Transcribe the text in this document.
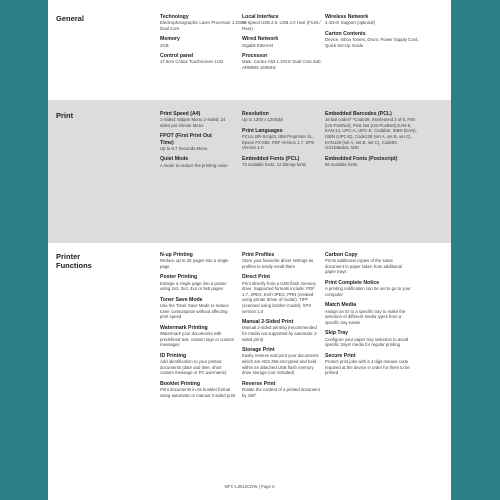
General	Technology
Electrophotographic Laser Processor 1.2GHz Dual Core
Memory
2GB
Control panel
17.6cm Colour Touchscreen LCD
Local Interface
Hi-Speed USB 2.0, USB 2.0 Host (Front / Rear)
Wired Network
Gigabit Ethernet
Processor
Main: Cortex-A53 1.2GHz Dual Core Sub: ARM946 150MHz
Wireless Network
2.4GHz Support (optional)
Carton Contents
Device, Inbox Toners, Drum, Power Supply Cord, Quick Set-Up Guide
Print	Print Speed (A4)
1-Sided: 50ppm Mono 2-Sided: 24 sides per minute Mono
FPOT (First Print Out Time)
Up to 6.7 Seconds Mono
Quiet Mode
A mode to reduce the printing noise
Resolution
Up to 1200 x 1200dpi
Print Languages
PCL6, BR-Script3, IBM Proprinter XL, Epson FX-850, PDF Version 1.7, XPS Version 1.0
Embedded Fonts (PCL)
73 scalable fonts, 12 bitmap fonts
Embedded Barcodes (PCL)
16 bar codes* *Code39, Interleaved 2 of 5, FIM (US-PostNet), Post Net (US-PostNet) EAN-8, EAN-13, UPC-A, UPC-E, Codabar, ISBN (EAN), ISBN (UPC-E), Code128 (set A, set B, set C), EAN128 (set A, set B, set C), Code93, GS1Databar, MSI
Embedded Fonts (Postscript)
66 scalable fonts
Printer Functions
N-up Printing
Reduce up to 25 pages into a single page
Poster Printing
Enlarge a single page into a poster using 2x2, 3x3, 4x4 or 5x5 pages
Toner Save Mode
Use the Toner Save Mode to reduce toner consumption without affecting print speed
Watermark Printing
Watermark your documents with predefined text, custom logo or custom messages
ID Printing
Add identification to your printed documents (date and time, short custom message or PC username)
Booklet Printing
Print documents in A5 booklet format using automatic or manual 2-sided print
Print Profiles
Store your favourite driver settings as profiles to easily recall them
Direct Print
Print directly from a USB flash memory drive. Supported formats include: PDF 1.7, JPEG, Exif+JPEG, PRN (created using printer driver of model), TIFF (scanned using brother model), XPS version 1.0
Manual 2-Sided Print
Manual 2-sided printing (recommended for media not supported by automatic 2-sided print)
Storage Print
Easily retrieve and print your documents which are AES 256 encrypted and held within an attached USB flash memory drive storage (not included)
Reverse Print
Rotate the content of a printed document by 180°
Carbon Copy
Prints additional copies of the same document to paper taken from additional paper trays
Print Complete Notice
A printing notification can be set to go to your computer
Match Media
Assign an ID to a specific tray to make the selection of different media types from a specific tray easier
Skip Tray
Configure your paper tray selection to avoid specific trays/ media for regular printing
Secure Print
Protect print jobs with a 4 digit release code required at the device in order for them to be printed
MFC-L8610CDW | Page 6
